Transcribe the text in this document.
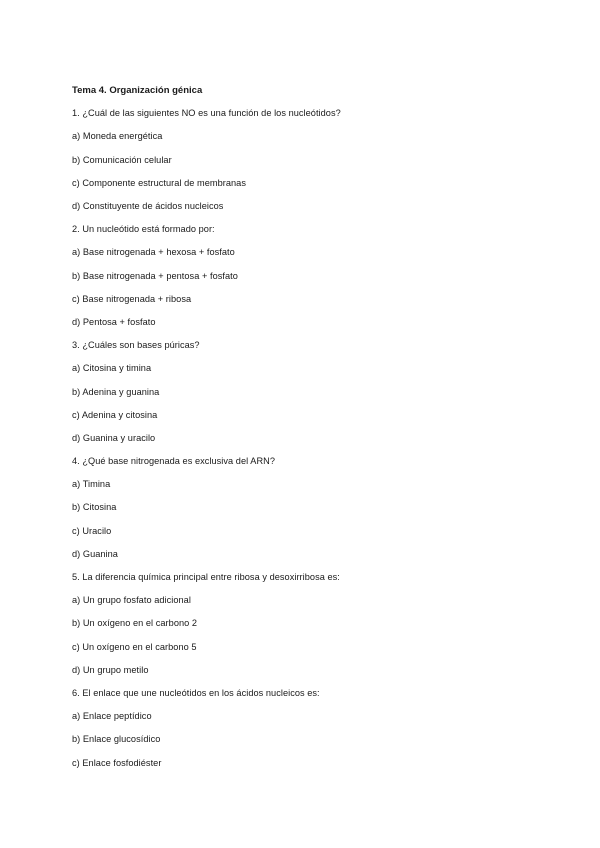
Tema 4. Organización génica
1. ¿Cuál de las siguientes NO es una función de los nucleótidos?
a) Moneda energética
b) Comunicación celular
c) Componente estructural de membranas
d) Constituyente de ácidos nucleicos
2. Un nucleótido está formado por:
a) Base nitrogenada + hexosa + fosfato
b) Base nitrogenada + pentosa + fosfato
c) Base nitrogenada + ribosa
d) Pentosa + fosfato
3. ¿Cuáles son bases púricas?
a) Citosina y timina
b) Adenina y guanina
c) Adenina y citosina
d) Guanina y uracilo
4. ¿Qué base nitrogenada es exclusiva del ARN?
a) Timina
b) Citosina
c) Uracilo
d) Guanina
5. La diferencia química principal entre ribosa y desoxirribosa es:
a) Un grupo fosfato adicional
b) Un oxígeno en el carbono 2
c) Un oxígeno en el carbono 5
d) Un grupo metilo
6. El enlace que une nucleótidos en los ácidos nucleicos es:
a) Enlace peptídico
b) Enlace glucosídico
c) Enlace fosfodiéster
